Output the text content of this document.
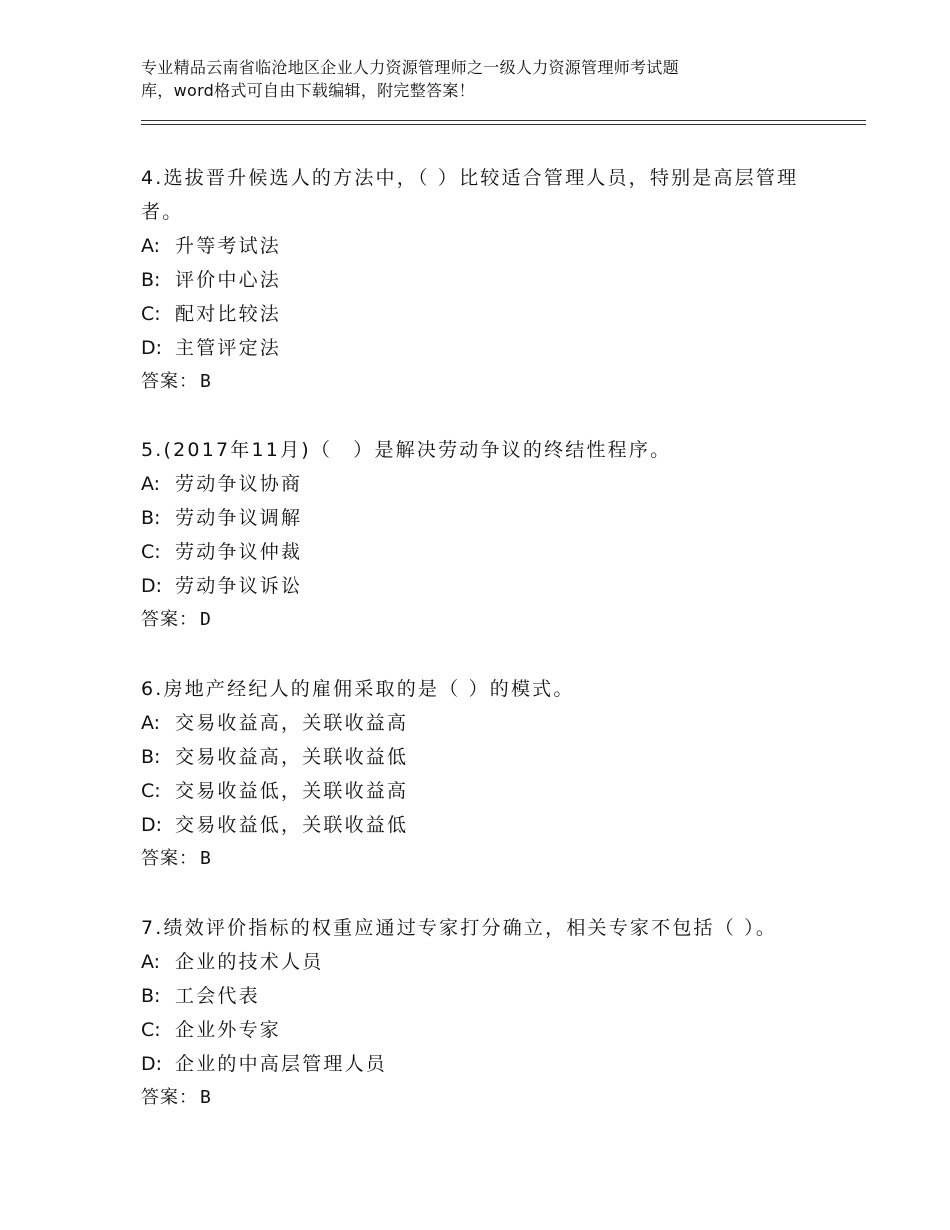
专业精品云南省临沧地区企业人力资源管理师之一级人力资源管理师考试题
库，word格式可自由下载编辑，附完整答案！

4.选拔晋升候选人的方法中，（ ）比较适合管理人员，特别是高层管理者。

A: 升等考试法

B: 评价中心法

C: 配对比较法

D: 主管评定法

答案： B

5.(2017年11月)（　）是解决劳动争议的终结性程序。

A: 劳动争议协商

B: 劳动争议调解

C: 劳动争议仲裁

D: 劳动争议诉讼

答案： D

6.房地产经纪人的雇佣采取的是（ ）的模式。

A: 交易收益高，关联收益高

B: 交易收益高，关联收益低

C: 交易收益低，关联收益高

D: 交易收益低，关联收益低

答案： B

7.绩效评价指标的权重应通过专家打分确立，相关专家不包括（ ）。

A: 企业的技术人员

B: 工会代表

C: 企业外专家

D: 企业的中高层管理人员

答案： B
